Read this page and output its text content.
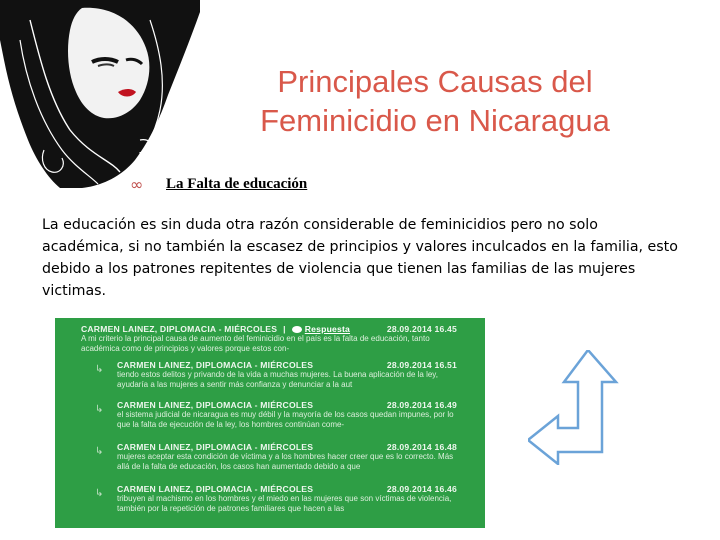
Principales Causas del
Feminicidio en Nicaragua
∞	La Falta de educación
La educación es sin duda otra razón considerable de feminicidios pero no solo académica, si no también la escasez de principios y valores inculcados en la familia, esto debido a los patrones repitentes de violencia que tienen las familias de las mujeres victimas.
CARMEN LAINEZ, DIPLOMACIA - MIÉRCOLES | Respuesta	28.09.2014 16.45
A mi criterio la principal causa de aumento del feminicidio en el país es la falta de educación, tanto académica como de principios y valores porque estos con-
↳ CARMEN LAINEZ, DIPLOMACIA - MIÉRCOLES	28.09.2014 16.51
tiendo estos delitos y privando de la vida a muchas mujeres. La buena aplicación de la ley, ayudaría a las mujeres a sentir más confianza y denunciar a la aut
↳ CARMEN LAINEZ, DIPLOMACIA - MIÉRCOLES	28.09.2014 16.49
el sistema judicial de nicaragua es muy débil y la mayoría de los casos quedan impunes, por lo que la falta de ejecución de la ley, los hombres continúan come-
↳ CARMEN LAINEZ, DIPLOMACIA - MIÉRCOLES	28.09.2014 16.48
mujeres aceptar esta condición de víctima y a los hombres hacer creer que es lo correcto. Más allá de la falta de educación, los casos han aumentado debido a que
↳ CARMEN LAINEZ, DIPLOMACIA - MIÉRCOLES	28.09.2014 16.46
tribuyen al machismo en los hombres y el miedo en las mujeres que son víctimas de violencia, también por la repetición de patrones familiares que hacen a las
